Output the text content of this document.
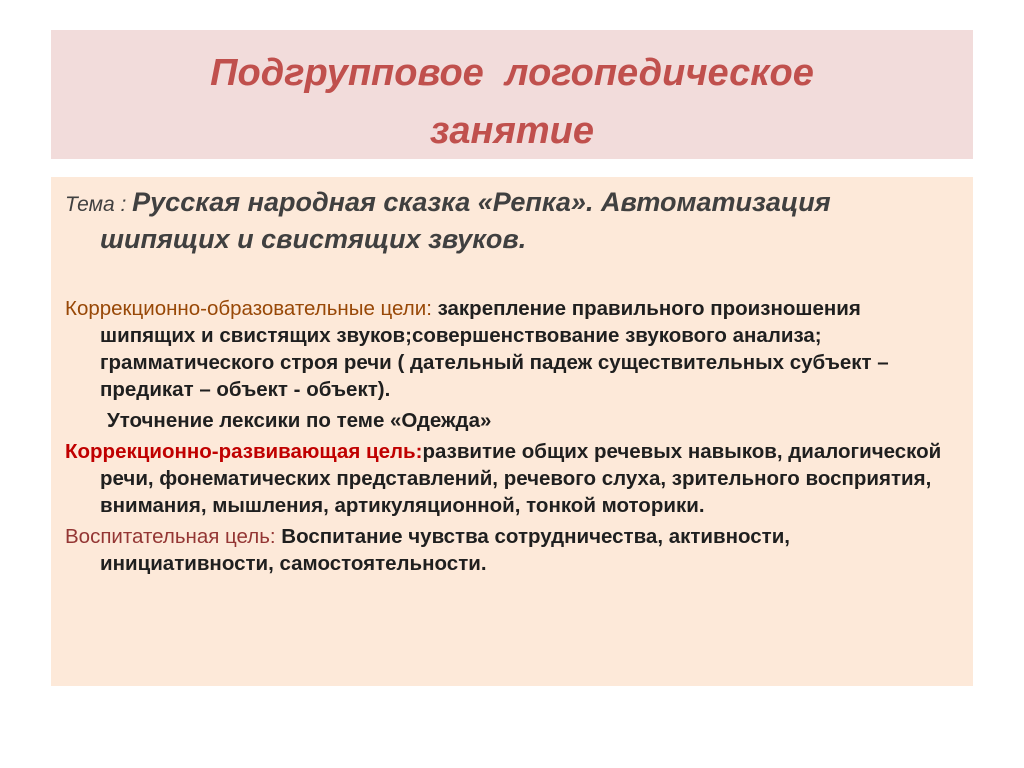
Подгрупповое  логопедическое
занятие

Тема : Русская народная сказка «Репка». Автоматизация шипящих и свистящих звуков.

Коррекционно-образовательные цели: закрепление правильного произношения шипящих и свистящих звуков;совершенствование звукового анализа; грамматического строя речи ( дательный падеж существительных субъект – предикат – объект - объект).

Уточнение лексики по теме «Одежда»

Коррекционно-развивающая цель:развитие общих речевых навыков, диалогической речи, фонематических представлений, речевого слуха, зрительного восприятия, внимания, мышления, артикуляционной, тонкой моторики.

Воспитательная цель: Воспитание чувства сотрудничества, активности, инициативности, самостоятельности.
